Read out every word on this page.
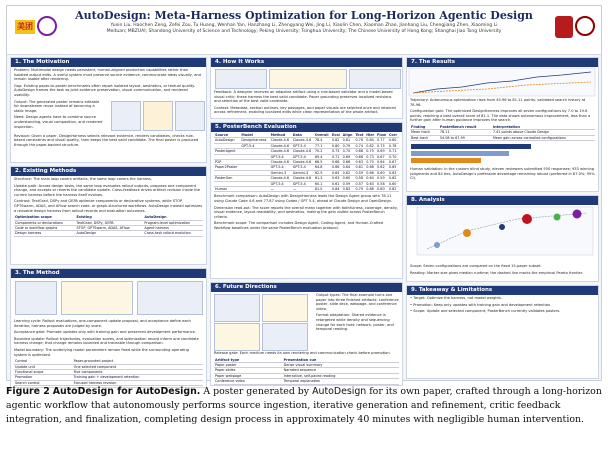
美团
AutoDesign: Meta-Harness Optimization for Long-Horizon Agentic Design
Yuxin Liu, Haochen Zeng, Zefei Zou, Tu Huang, Wenhan Yan, Hanzhang Li, Zhengyang Wei, Jing Li, Xiaolin Chen, Xiaoman Zhao, Jianhang Liu, Chengjiang Zhen, Xiaoming Li
Meituan; MBZUAI; Shandong University of Science and Technology; Peking University; Tsinghua University; The Chinese University of Hong Kong; Shanghai Jiao Tong University
1. The Motivation
Problem: Multimodal design needs persistent, human-aligned production capabilities rather than isolated output edits. A useful system must preserve source evidence, communicate ideas visually, and remain usable after rendering.
Gap: Existing paper-to-poster benchmarks often report isolated layout, aesthetics, or textual quality. AutoDesign frames the task as joint evidence preservation, visual communication, and rendered usability.
Output: The generated poster remains editable for downstream reuse instead of becoming a static image.
Need: Design agents have to combine source understanding, visual composition, and rendered inspection.
Revision: Given a paper, DesignHarness selects relevant evidence, renders candidates, checks rule-based constraints and visual quality, then keeps the best valid candidate. The final poster is produced through the paper-backed structure.
2. Existing Methods
Structure: The main loop covers artifacts, the same loop covers the harness.
Update path: Across design tasks, the same loop evaluates rollout outputs, proposes one component change, and accepts or reverts the candidate update. Cross-feedback drives artifact revision inside the current harness before the harness itself evolves.
Contrast: TextGrad, DSPy and GEPA optimize components or declarative systems, while STOP, GPTSwarm, ADAS, and AFlow search code- or graph-structured workflows. AutoDesign instead optimizes a reusable design harness from rollout records and evaluation outcomes.
Optimization scope	Existing	AutoDesign
Components or declarations	TextGrad, DSPy, GEPA	Program-level optimization
Code or workflow graphs	STOP, GPTSwarm, ADAS, AFlow	Agent harness
Design harness	AutoDesign	Cross-task rollout evolution
3. The Method
Learning cycle: Rollout evaluations, one-component update proposal, and acceptance define each iteration; harness proposals are judged by score.
Acceptance gate: Promote updates only with training gain and preserved development performance.
Bounded update: Rollout trajectories, evaluation scores, and optimization record inform one candidate harness change; that change remains bounded and traceable through comparison.
Model boundary: The underlying model parameters remain fixed while the surrounding operating system is optimized.
Control	Paper-grounded project
Update unit	One selected component
Functional scope	Five components
Promotion	Training gain + development retention
Search control	Focused harness revision
4. How It Works
Feedback: A designer receives an adaptive artifact using a rule-based validator and a model-based visual critic; these harness the best valid candidate. Paper grounding preserves localized revisions and selection of the best valid candidate.
Context: Metadata, section outlines, key passages, and paper visuals are selected once and retained across refinement, enabling localized edits while clean representation of the whole artifact.
5. PosterBench Evaluation
Source	Model	Method	Data	Overall	Eval	Align	Text	Hier	Flow	Corr
AutoDesign	Designharness	Claude-4.6	Claude-4.6	78.4	0.82	0.81	0.76	0.84	0.77	0.80
	GPT-5.4	Claude-4.6	GPT-5.4	77.1	0.80	0.79	0.74	0.82	0.75	0.78
PosterAgent		Claude-4.6	Claude-4.6	70.2	0.73	0.70	0.68	0.75	0.69	0.71
		GPT-5.4	GPT-5.4	69.4	0.71	0.69	0.66	0.73	0.67	0.70
P2P		Claude-4.6	Claude-4.6	66.5	0.68	0.66	0.63	0.70	0.64	0.67
Paper2Poster		GPT-5.4	GPT-5.4	64.8	0.66	0.64	0.61	0.68	0.62	0.65
		Gemini-3	Gemini-3	62.9	0.64	0.62	0.59	0.66	0.60	0.63
PosterGen		Claude-4.6	Claude-4.6	61.3	0.63	0.60	0.58	0.64	0.59	0.62
		GPT-5.4	GPT-5.4	60.1	0.61	0.59	0.57	0.63	0.58	0.60
Human		—	—	81.0	0.84	0.83	0.79	0.86	0.80	0.82
Benchmark comparison: AutoDesign with DesignHarness leads the Design Agent group with 78.11 using Claude Code 4.6 and 77.87 using Codex / GPT 5.4, ahead of Claude Design and OpenDesign.
Dimension read-out: The score reports the overall mean together with faithfulness, coverage, density, visual evidence, layout readability, and aesthetics, making the gain visible across PosterBench criteria.
Benchmark scope: The comparison includes Design Agent, Coding Agent, and Human-Crafted Workflow baselines under the same PosterBench evaluation protocol.
6. Future Directions
Output types: The final example turns one paper into three finished artifacts: conference poster, slide deck, webpage, and conference video.
Format adaptation: Shared evidence is retargeted while density and sequencing change for each host: network, poster, and temporal reading.
Release gate: Each medium needs its own rendering and communication check before promotion.
Artifact type	Presentation cue
Paper poster	Dense visual summary
Paper slides	Narrated sequence
Paper webpage	Interactive, self-paced reading
Conference video	Temporal explanation
7. The Results
Trajectory: Autonomous optimization rises from 45.96 to 81.11 points, validated search history at 78.96.
Configuration gain: The optimized DesignHarness improves all seven configurations by 7.0 to 19.6 points, reaching a best overall score of 81.1. The data shows autonomous improvement, less than a further gain after human guidance improves the search.
Finding	PosterBench result	Interpretation
Mean track	78.11	7.41 points above Claude Design
Best track	54.08 to 67.99	Mean gain across controlled configurations
Human validation: In the custom blind study, eleven reviewers submitted 550 responses; 933 winning judgments and 84 ties, AutoDesign's preferable advantage remaining robust (preferred in 87.0%; 95% CI).
8. Analysis
Scope: Seven configurations are compared on the fixed 15-paper subset.
Reading: Marker size gives median runtime; the dashed line marks the empirical Pareto frontier.
9. Takeaway & Limitations
• Target: Optimize the harness, not model weights.
• Promotion: Keep only updates with training gain and development retention.
• Scope: Update one selected component; PosterBench currently validates posters.
Figure 2 AutoDesign for AutoDesign. A poster generated by AutoDesign for its own paper, crafted through a long-horizon agentic workflow that autonomously performs source ingestion, iterative generation and refinement, critic feedback integration, and finalization, completing design process in approximately 40 minutes with negligible human intervention.
